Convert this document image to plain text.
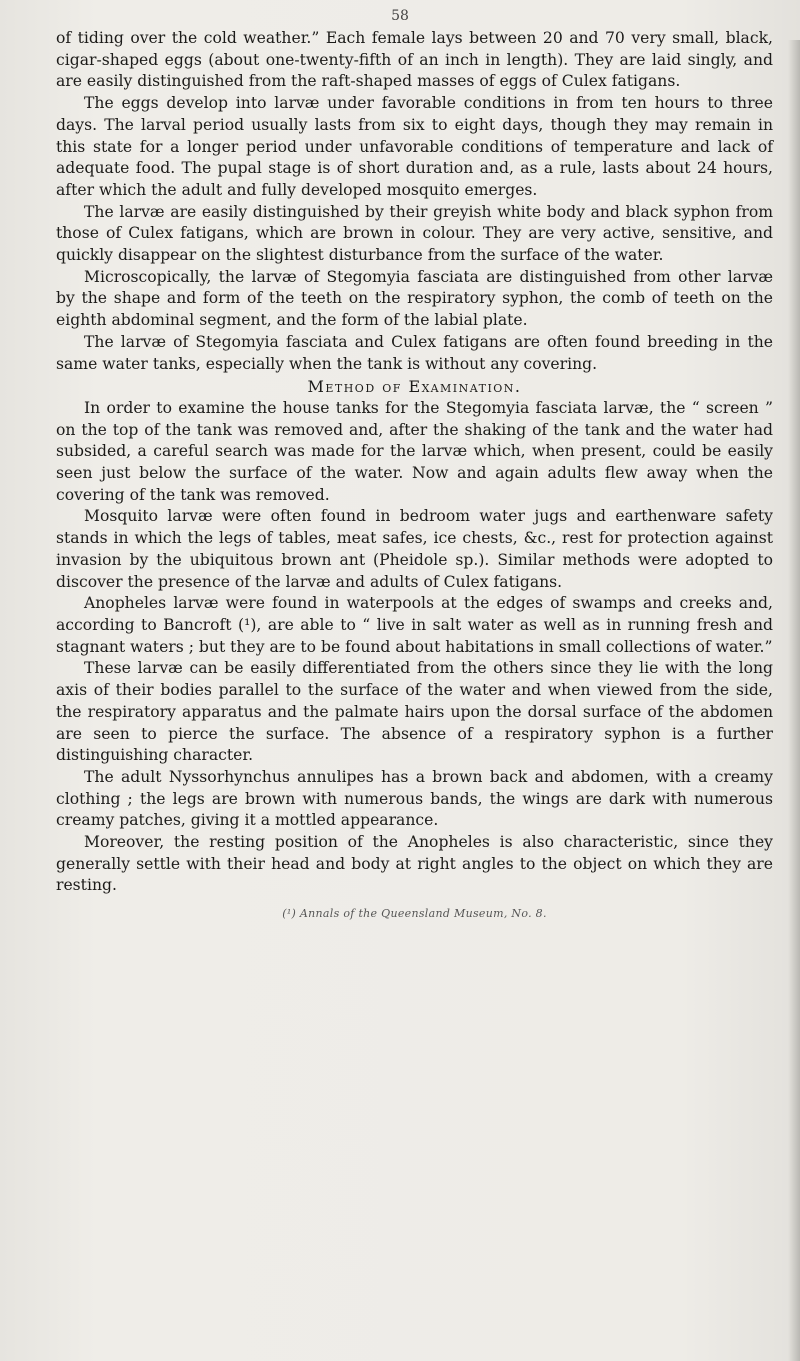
58

of tiding over the cold weather.” Each female lays between 20 and 70 very small, black, cigar-shaped eggs (about one-twenty-fifth of an inch in length). They are laid singly, and are easily distinguished from the raft-shaped masses of eggs of Culex fatigans.

The eggs develop into larvæ under favorable conditions in from ten hours to three days. The larval period usually lasts from six to eight days, though they may remain in this state for a longer period under unfavorable conditions of temperature and lack of adequate food. The pupal stage is of short duration and, as a rule, lasts about 24 hours, after which the adult and fully developed mosquito emerges.

The larvæ are easily distinguished by their greyish white body and black syphon from those of Culex fatigans, which are brown in colour. They are very active, sensitive, and quickly disappear on the slightest disturbance from the surface of the water.

Microscopically, the larvæ of Stegomyia fasciata are distinguished from other larvæ by the shape and form of the teeth on the respiratory syphon, the comb of teeth on the eighth abdominal segment, and the form of the labial plate.

The larvæ of Stegomyia fasciata and Culex fatigans are often found breeding in the same water tanks, especially when the tank is without any covering.

Method of Examination.

In order to examine the house tanks for the Stegomyia fasciata larvæ, the “ screen ” on the top of the tank was removed and, after the shaking of the tank and the water had subsided, a careful search was made for the larvæ which, when present, could be easily seen just below the surface of the water. Now and again adults flew away when the covering of the tank was removed.

Mosquito larvæ were often found in bedroom water jugs and earthenware safety stands in which the legs of tables, meat safes, ice chests, &c., rest for protection against invasion by the ubiquitous brown ant (Pheidole sp.). Similar methods were adopted to discover the presence of the larvæ and adults of Culex fatigans.

Anopheles larvæ were found in waterpools at the edges of swamps and creeks and, according to Bancroft (¹), are able to “ live in salt water as well as in running fresh and stagnant waters ; but they are to be found about habitations in small collections of water.”

These larvæ can be easily differentiated from the others since they lie with the long axis of their bodies parallel to the surface of the water and when viewed from the side, the respiratory apparatus and the palmate hairs upon the dorsal surface of the abdomen are seen to pierce the surface. The absence of a respiratory syphon is a further distinguishing character.

The adult Nyssorhynchus annulipes has a brown back and abdomen, with a creamy clothing ; the legs are brown with numerous bands, the wings are dark with numerous creamy patches, giving it a mottled appearance.

Moreover, the resting position of the Anopheles is also characteristic, since they generally settle with their head and body at right angles to the object on which they are resting.

(¹) Annals of the Queensland Museum, No. 8.
